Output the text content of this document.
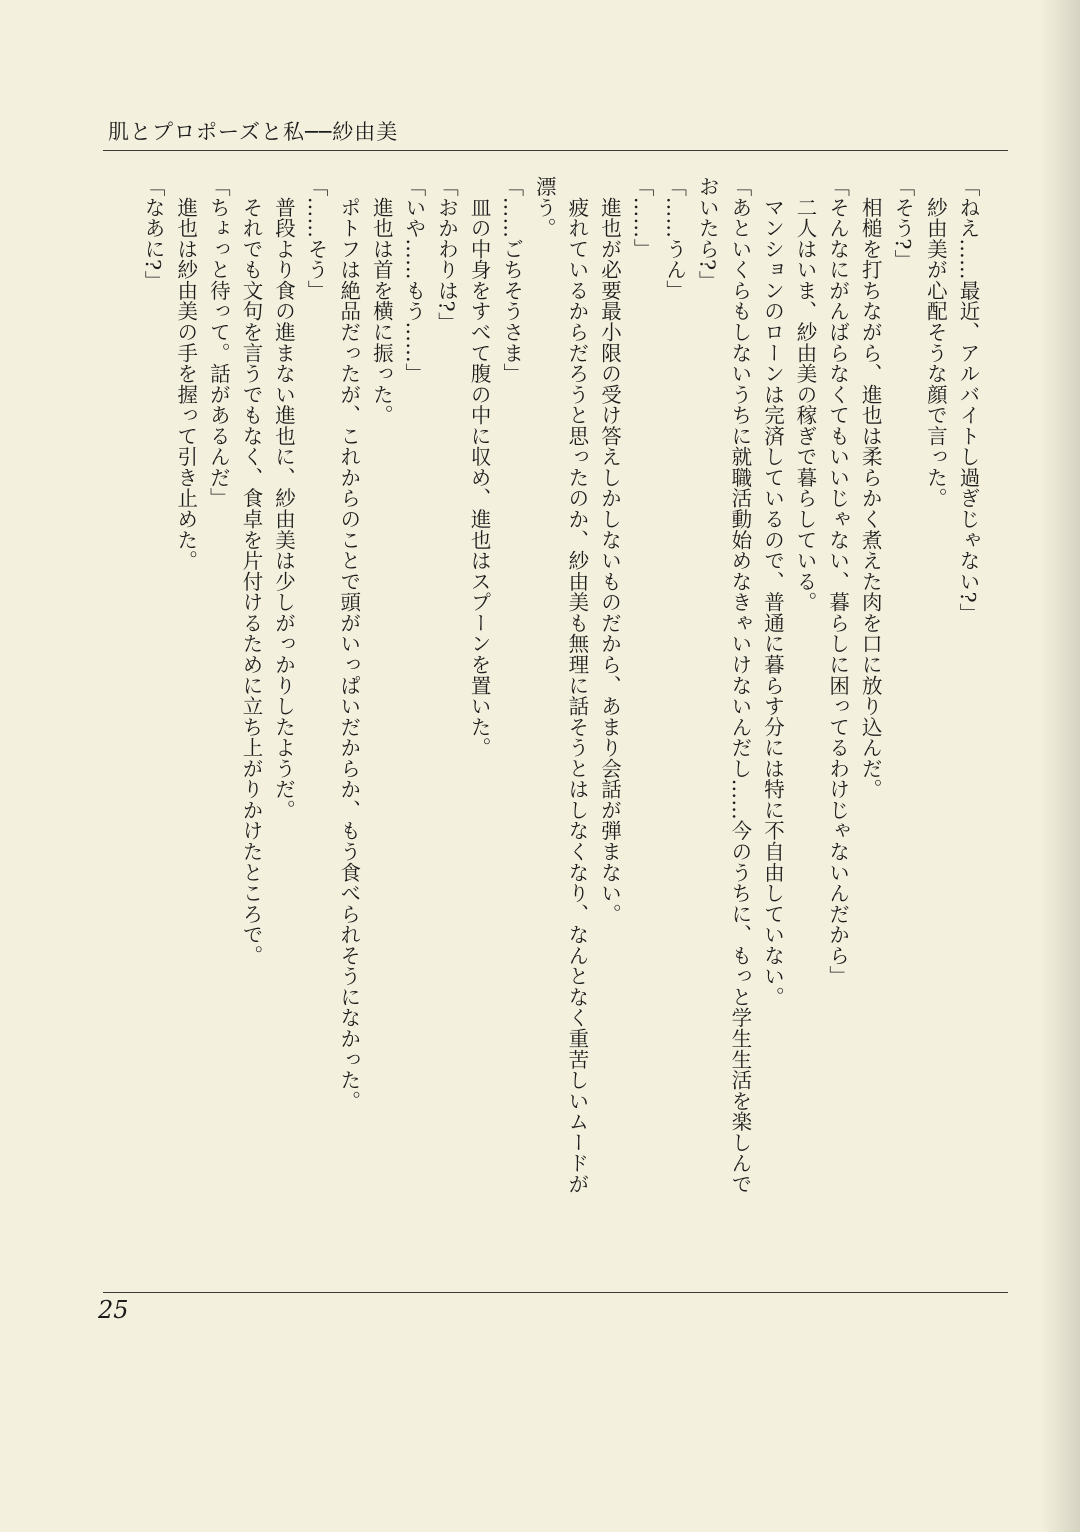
肌とプロポーズと私──紗由美

「ねえ……最近、アルバイトし過ぎじゃない?」

　紗由美が心配そうな顔で言った。

「そう?」

　相槌を打ちながら、進也は柔らかく煮えた肉を口に放り込んだ。

「そんなにがんばらなくてもいいじゃない、暮らしに困ってるわけじゃないんだから」

　二人はいま、紗由美の稼ぎで暮らしている。

　マンションのローンは完済しているので、普通に暮らす分には特に不自由していない。

「あといくらもしないうちに就職活動始めなきゃいけないんだし……今のうちに、もっと学生生活を楽しんで

おいたら?」

「……うん」

「……」

　進也が必要最小限の受け答えしかしないものだから、あまり会話が弾まない。

　疲れているからだろうと思ったのか、紗由美も無理に話そうとはしなくなり、なんとなく重苦しいムードが

漂う。

「……ごちそうさま」

　皿の中身をすべて腹の中に収め、進也はスプーンを置いた。

「おかわりは?」

「いや……もう……」

　進也は首を横に振った。

　ポトフは絶品だったが、これからのことで頭がいっぱいだからか、もう食べられそうになかった。

「……そう」

　普段より食の進まない進也に、紗由美は少しがっかりしたようだ。

　それでも文句を言うでもなく、食卓を片付けるために立ち上がりかけたところで。

「ちょっと待って。話があるんだ」

　進也は紗由美の手を握って引き止めた。

「なあに?」

25
